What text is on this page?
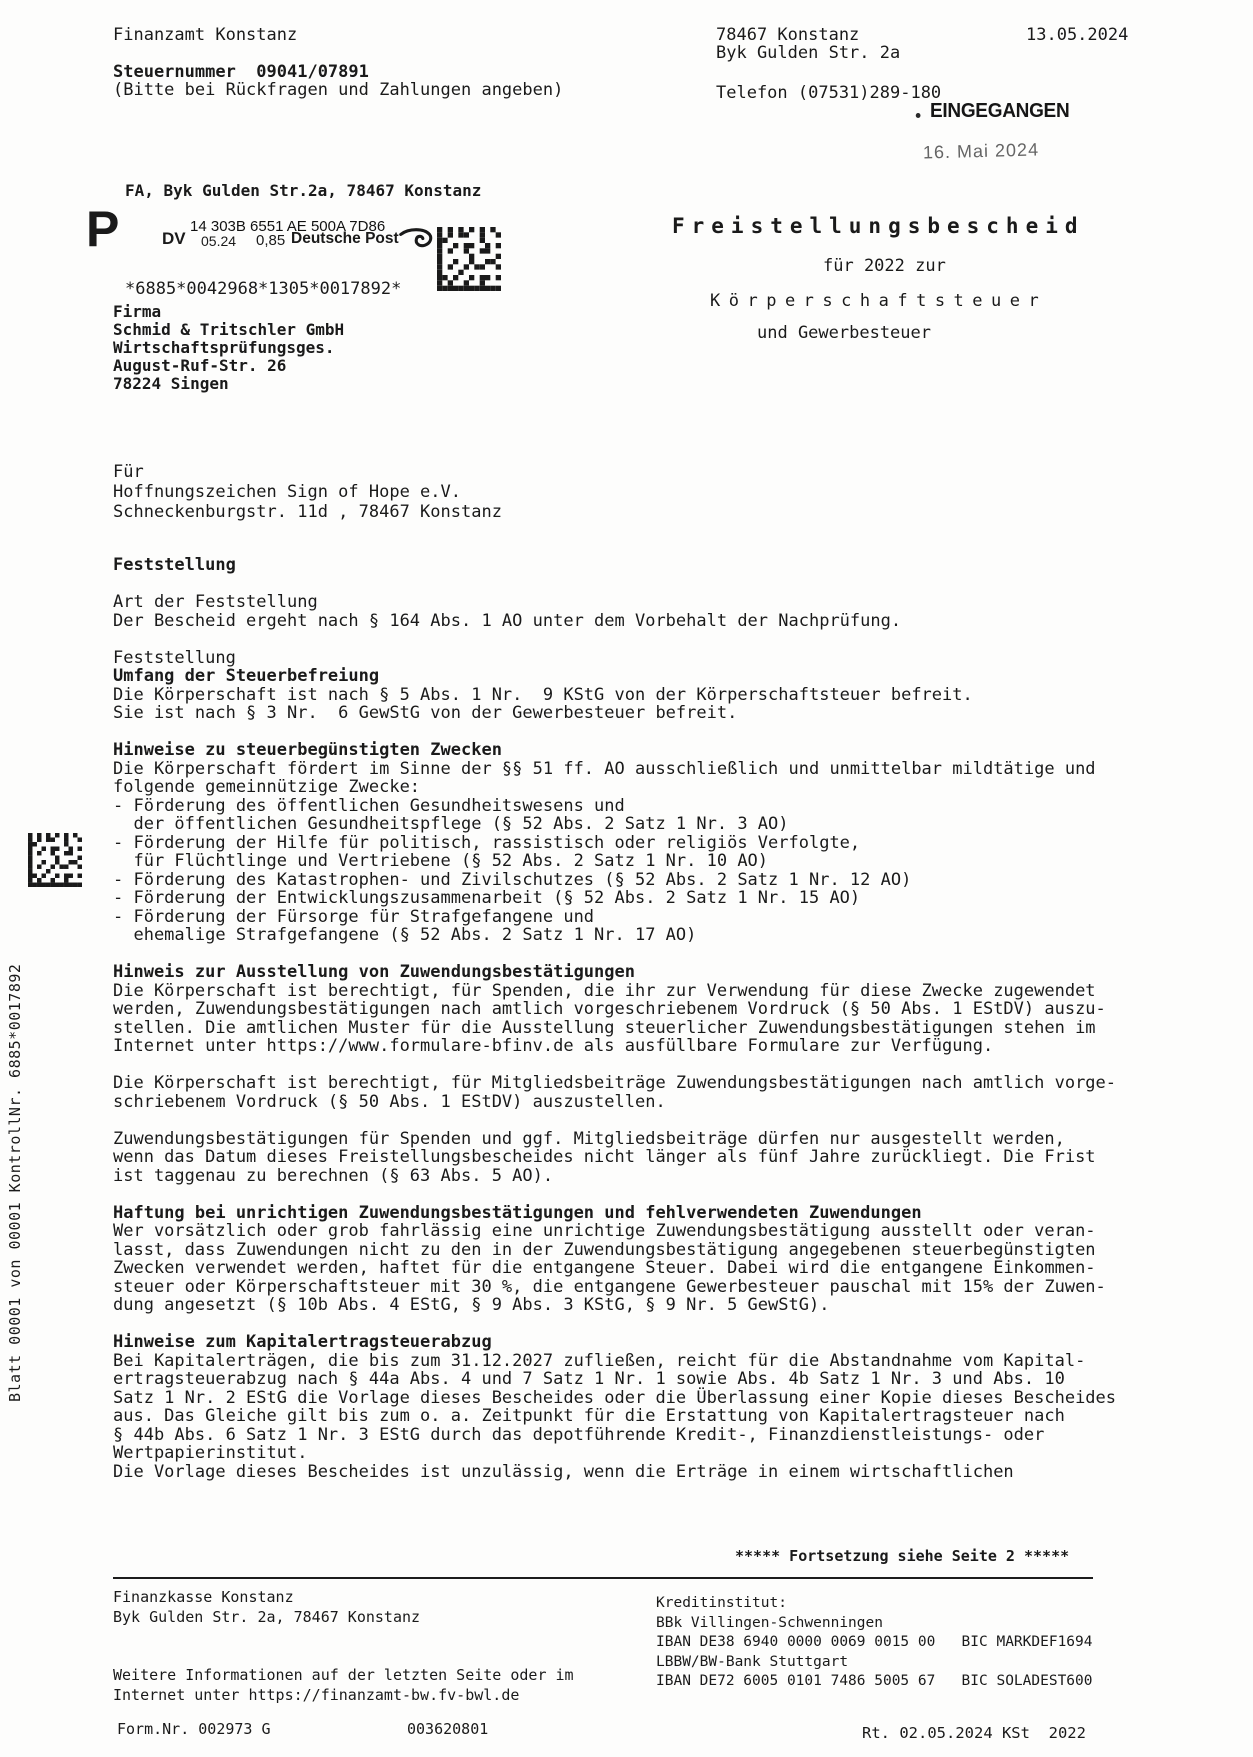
Finanzamt Konstanz
Steuernummer  09041/07891
(Bitte bei Rückfragen und Zahlungen angeben)
78467 Konstanz
Byk Gulden Str. 2a
Telefon (07531)289-180
13.05.2024
EINGEGANGEN
16. Mai 2024
FA, Byk Gulden Str.2a, 78467 Konstanz
P	14 303B 6551 AE 500A 7D86
DV 05.24 0,85 Deutsche Post
*6885*0042968*1305*0017892*
Firma
Schmid & Tritschler GmbH
Wirtschaftsprüfungsges.
August-Ruf-Str. 26
78224 Singen
Freistellungsbescheid
für 2022 zur
Körperschaftsteuer
und Gewerbesteuer
Für
Hoffnungszeichen Sign of Hope e.V.
Schneckenburgstr. 11d , 78467 Konstanz
Blatt 00001 von 00001 KontrollNr. 6885*0017892
Feststellung

Art der Feststellung
Der Bescheid ergeht nach § 164 Abs. 1 AO unter dem Vorbehalt der Nachprüfung.

Feststellung
Umfang der Steuerbefreiung
Die Körperschaft ist nach § 5 Abs. 1 Nr.  9 KStG von der Körperschaftsteuer befreit.
Sie ist nach § 3 Nr.  6 GewStG von der Gewerbesteuer befreit.

Hinweise zu steuerbegünstigten Zwecken
Die Körperschaft fördert im Sinne der §§ 51 ff. AO ausschließlich und unmittelbar mildtätige und
folgende gemeinnützige Zwecke:
- Förderung des öffentlichen Gesundheitswesens und
der öffentlichen Gesundheitspflege (§ 52 Abs. 2 Satz 1 Nr. 3 AO)
- Förderung der Hilfe für politisch, rassistisch oder religiös Verfolgte,
für Flüchtlinge und Vertriebene (§ 52 Abs. 2 Satz 1 Nr. 10 AO)
- Förderung des Katastrophen- und Zivilschutzes (§ 52 Abs. 2 Satz 1 Nr. 12 AO)
- Förderung der Entwicklungszusammenarbeit (§ 52 Abs. 2 Satz 1 Nr. 15 AO)
- Förderung der Fürsorge für Strafgefangene und
ehemalige Strafgefangene (§ 52 Abs. 2 Satz 1 Nr. 17 AO)

Hinweis zur Ausstellung von Zuwendungsbestätigungen
Die Körperschaft ist berechtigt, für Spenden, die ihr zur Verwendung für diese Zwecke zugewendet
werden, Zuwendungsbestätigungen nach amtlich vorgeschriebenem Vordruck (§ 50 Abs. 1 EStDV) auszu-
stellen. Die amtlichen Muster für die Ausstellung steuerlicher Zuwendungsbestätigungen stehen im
Internet unter https://www.formulare-bfinv.de als ausfüllbare Formulare zur Verfügung.

Die Körperschaft ist berechtigt, für Mitgliedsbeiträge Zuwendungsbestätigungen nach amtlich vorge-
schriebenem Vordruck (§ 50 Abs. 1 EStDV) auszustellen.

Zuwendungsbestätigungen für Spenden und ggf. Mitgliedsbeiträge dürfen nur ausgestellt werden,
wenn das Datum dieses Freistellungsbescheides nicht länger als fünf Jahre zurückliegt. Die Frist
ist taggenau zu berechnen (§ 63 Abs. 5 AO).

Haftung bei unrichtigen Zuwendungsbestätigungen und fehlverwendeten Zuwendungen
Wer vorsätzlich oder grob fahrlässig eine unrichtige Zuwendungsbestätigung ausstellt oder veran-
lasst, dass Zuwendungen nicht zu den in der Zuwendungsbestätigung angegebenen steuerbegünstigten
Zwecken verwendet werden, haftet für die entgangene Steuer. Dabei wird die entgangene Einkommen-
steuer oder Körperschaftsteuer mit 30 %, die entgangene Gewerbesteuer pauschal mit 15% der Zuwen-
dung angesetzt (§ 10b Abs. 4 EStG, § 9 Abs. 3 KStG, § 9 Nr. 5 GewStG).

Hinweise zum Kapitalertragsteuerabzug
Bei Kapitalerträgen, die bis zum 31.12.2027 zufließen, reicht für die Abstandnahme vom Kapital-
ertragsteuerabzug nach § 44a Abs. 4 und 7 Satz 1 Nr. 1 sowie Abs. 4b Satz 1 Nr. 3 und Abs. 10
Satz 1 Nr. 2 EStG die Vorlage dieses Bescheides oder die Überlassung einer Kopie dieses Bescheides
aus. Das Gleiche gilt bis zum o. a. Zeitpunkt für die Erstattung von Kapitalertragsteuer nach
§ 44b Abs. 6 Satz 1 Nr. 3 EStG durch das depotführende Kredit-, Finanzdienstleistungs- oder
Wertpapierinstitut.
Die Vorlage dieses Bescheides ist unzulässig, wenn die Erträge in einem wirtschaftlichen
***** Fortsetzung siehe Seite 2 *****
Finanzkasse Konstanz
Byk Gulden Str. 2a, 78467 Konstanz

Weitere Informationen auf der letzten Seite oder im
Internet unter https://finanzamt-bw.fv-bwl.de
Kreditinstitut:
BBk Villingen-Schwenningen
IBAN DE38 6940 0000 0069 0015 00   BIC MARKDEF1694
LBBW/BW-Bank Stuttgart
IBAN DE72 6005 0101 7486 5005 67   BIC SOLADEST600
Form.Nr. 002973 G	003620801	Rt. 02.05.2024 KSt  2022
